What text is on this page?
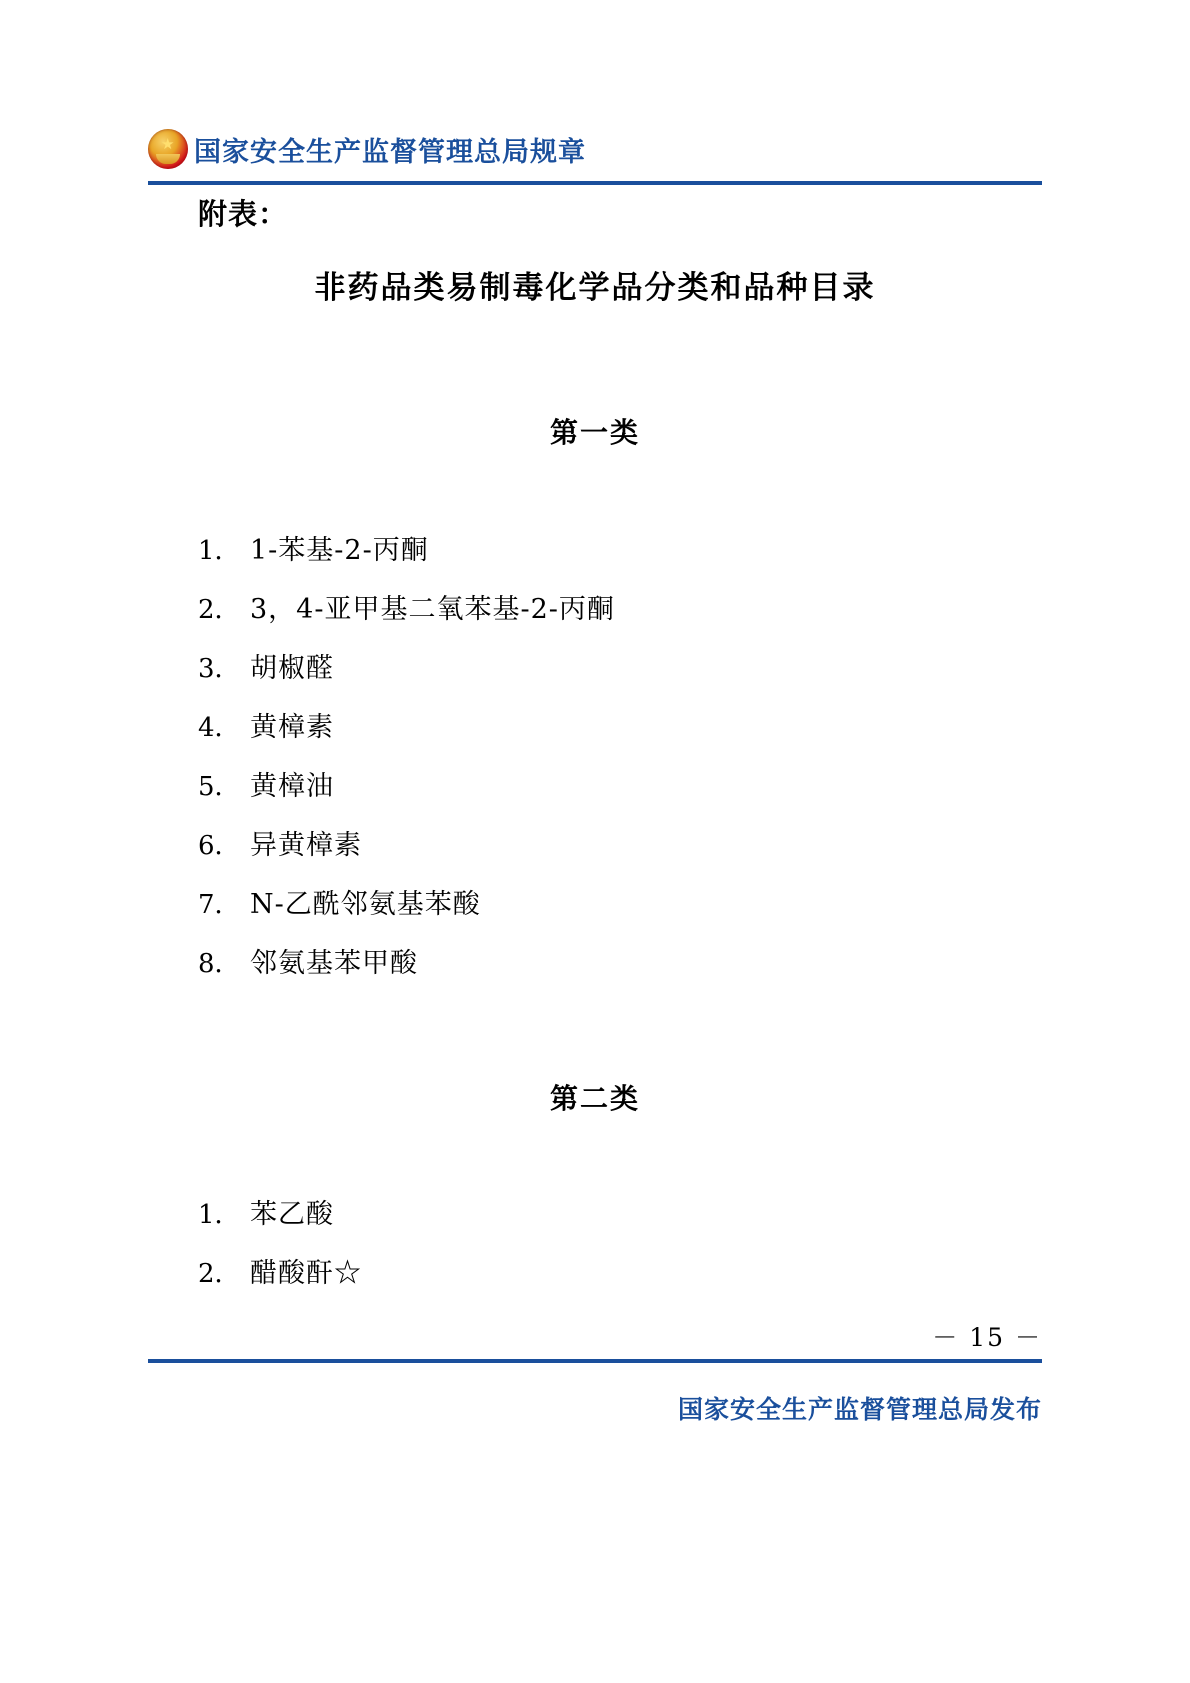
国家安全生产监督管理总局规章
附表：
非药品类易制毒化学品分类和品种目录
第一类
1． 1-苯基-2-丙酮
2． 3，4-亚甲基二氧苯基-2-丙酮
3． 胡椒醛
4． 黄樟素
5． 黄樟油
6． 异黄樟素
7． N-乙酰邻氨基苯酸
8． 邻氨基苯甲酸
第二类
1． 苯乙酸
2． 醋酸酐☆
－ 15 －
国家安全生产监督管理总局发布
